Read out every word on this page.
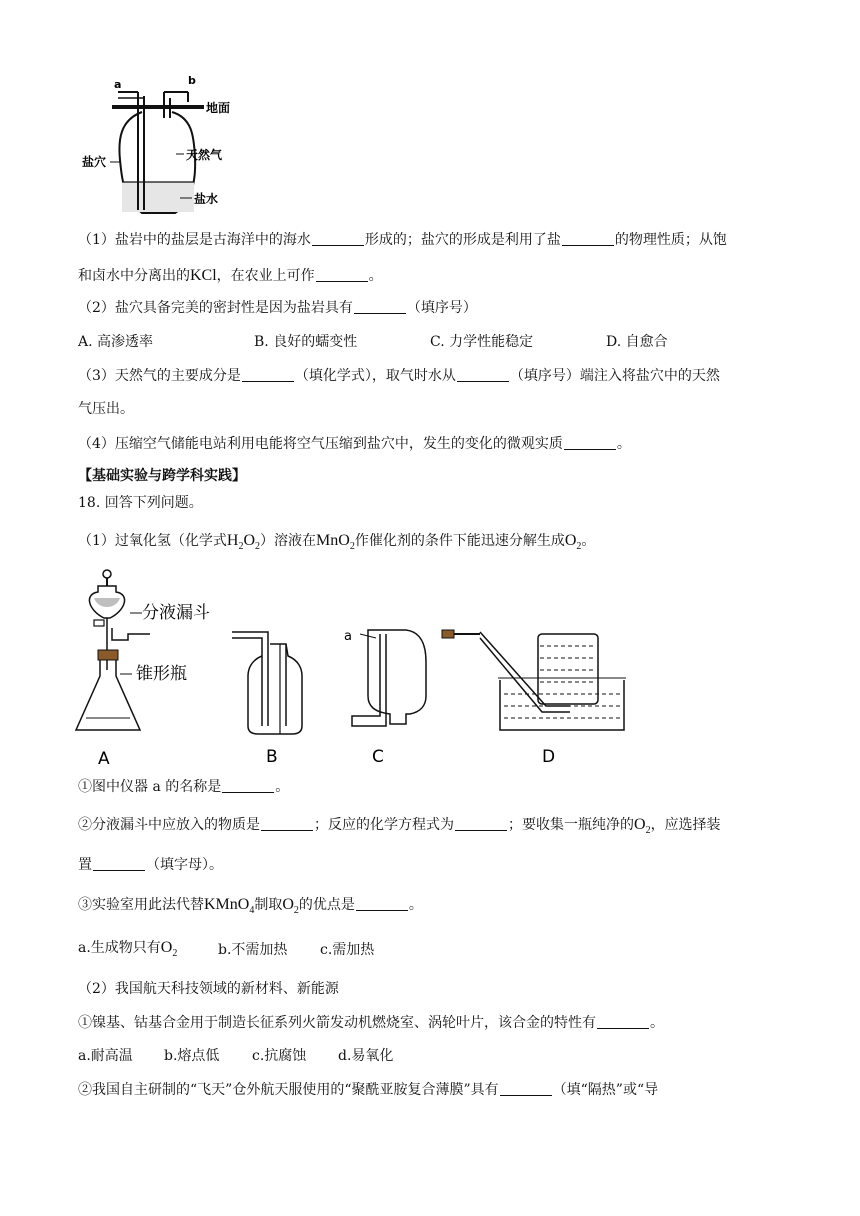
a	b
地面
天然气
盐穴
盐水
（1）盐岩中的盐层是古海洋中的海水	形成的；盐穴的形成是利用了盐	的物理性质；从饱
和卤水中分离出的KCl，在农业上可作	。
（2）盐穴具备完美的密封性是因为盐岩具有	（填序号）
A. 高渗透率	B. 良好的蠕变性	C. 力学性能稳定	D. 自愈合
（3）天然气的主要成分是	（填化学式），取气时水从	（填序号）端注入将盐穴中的天然
气压出。
（4）压缩空气储能电站利用电能将空气压缩到盐穴中，发生的变化的微观实质	。
【基础实验与跨学科实践】
18. 回答下列问题。
（1）过氧化氢（化学式$H_2O_2$）溶液在MnO$_2$作催化剂的条件下能迅速分解生成$O_2$。
分液漏斗
锥形瓶
A	B
a
C	D
①图中仪器 a 的名称是	。
②分液漏斗中应放入的物质是	；反应的化学方程式为	；要收集一瓶纯净的$O_2$，应选择装
置	（填字母）。
③实验室用此法代替KMnO$_4$制取$O_2$的优点是	。
a.生成物只有$O_2$	b.不需加热 c.需加热
（2）我国航天科技领域的新材料、新能源
①镍基、钴基合金用于制造长征系列火箭发动机燃烧室、涡轮叶片，该合金的特性有	。
a.耐高温 b.熔点低 c.抗腐蚀 d.易氧化
②我国自主研制的“飞天”仓外航天服使用的“聚酰亚胺复合薄膜”具有	（填“隔热”或“导
